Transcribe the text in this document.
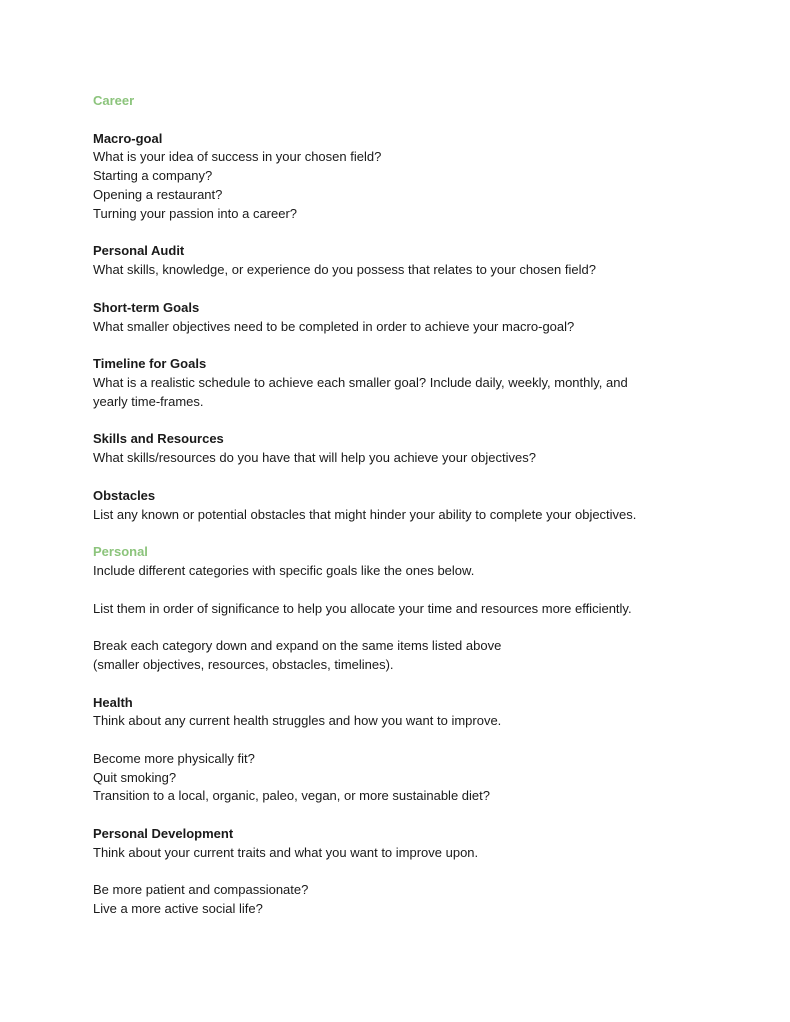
Career
Macro-goal
What is your idea of success in your chosen field?
Starting a company?
Opening a restaurant?
Turning your passion into a career?
Personal Audit
What skills, knowledge, or experience do you possess that relates to your chosen field?
Short-term Goals
What smaller objectives need to be completed in order to achieve your macro-goal?
Timeline for Goals
What is a realistic schedule to achieve each smaller goal? Include daily, weekly, monthly, and
yearly time-frames.
Skills and Resources
What skills/resources do you have that will help you achieve your objectives?
Obstacles
List any known or potential obstacles that might hinder your ability to complete your objectives.
Personal
Include different categories with specific goals like the ones below.
List them in order of significance to help you allocate your time and resources more efficiently.
Break each category down and expand on the same items listed above
(smaller objectives, resources, obstacles, timelines).
Health
Think about any current health struggles and how you want to improve.
Become more physically fit?
Quit smoking?
Transition to a local, organic, paleo, vegan, or more sustainable diet?
Personal Development
Think about your current traits and what you want to improve upon.
Be more patient and compassionate?
Live a more active social life?
